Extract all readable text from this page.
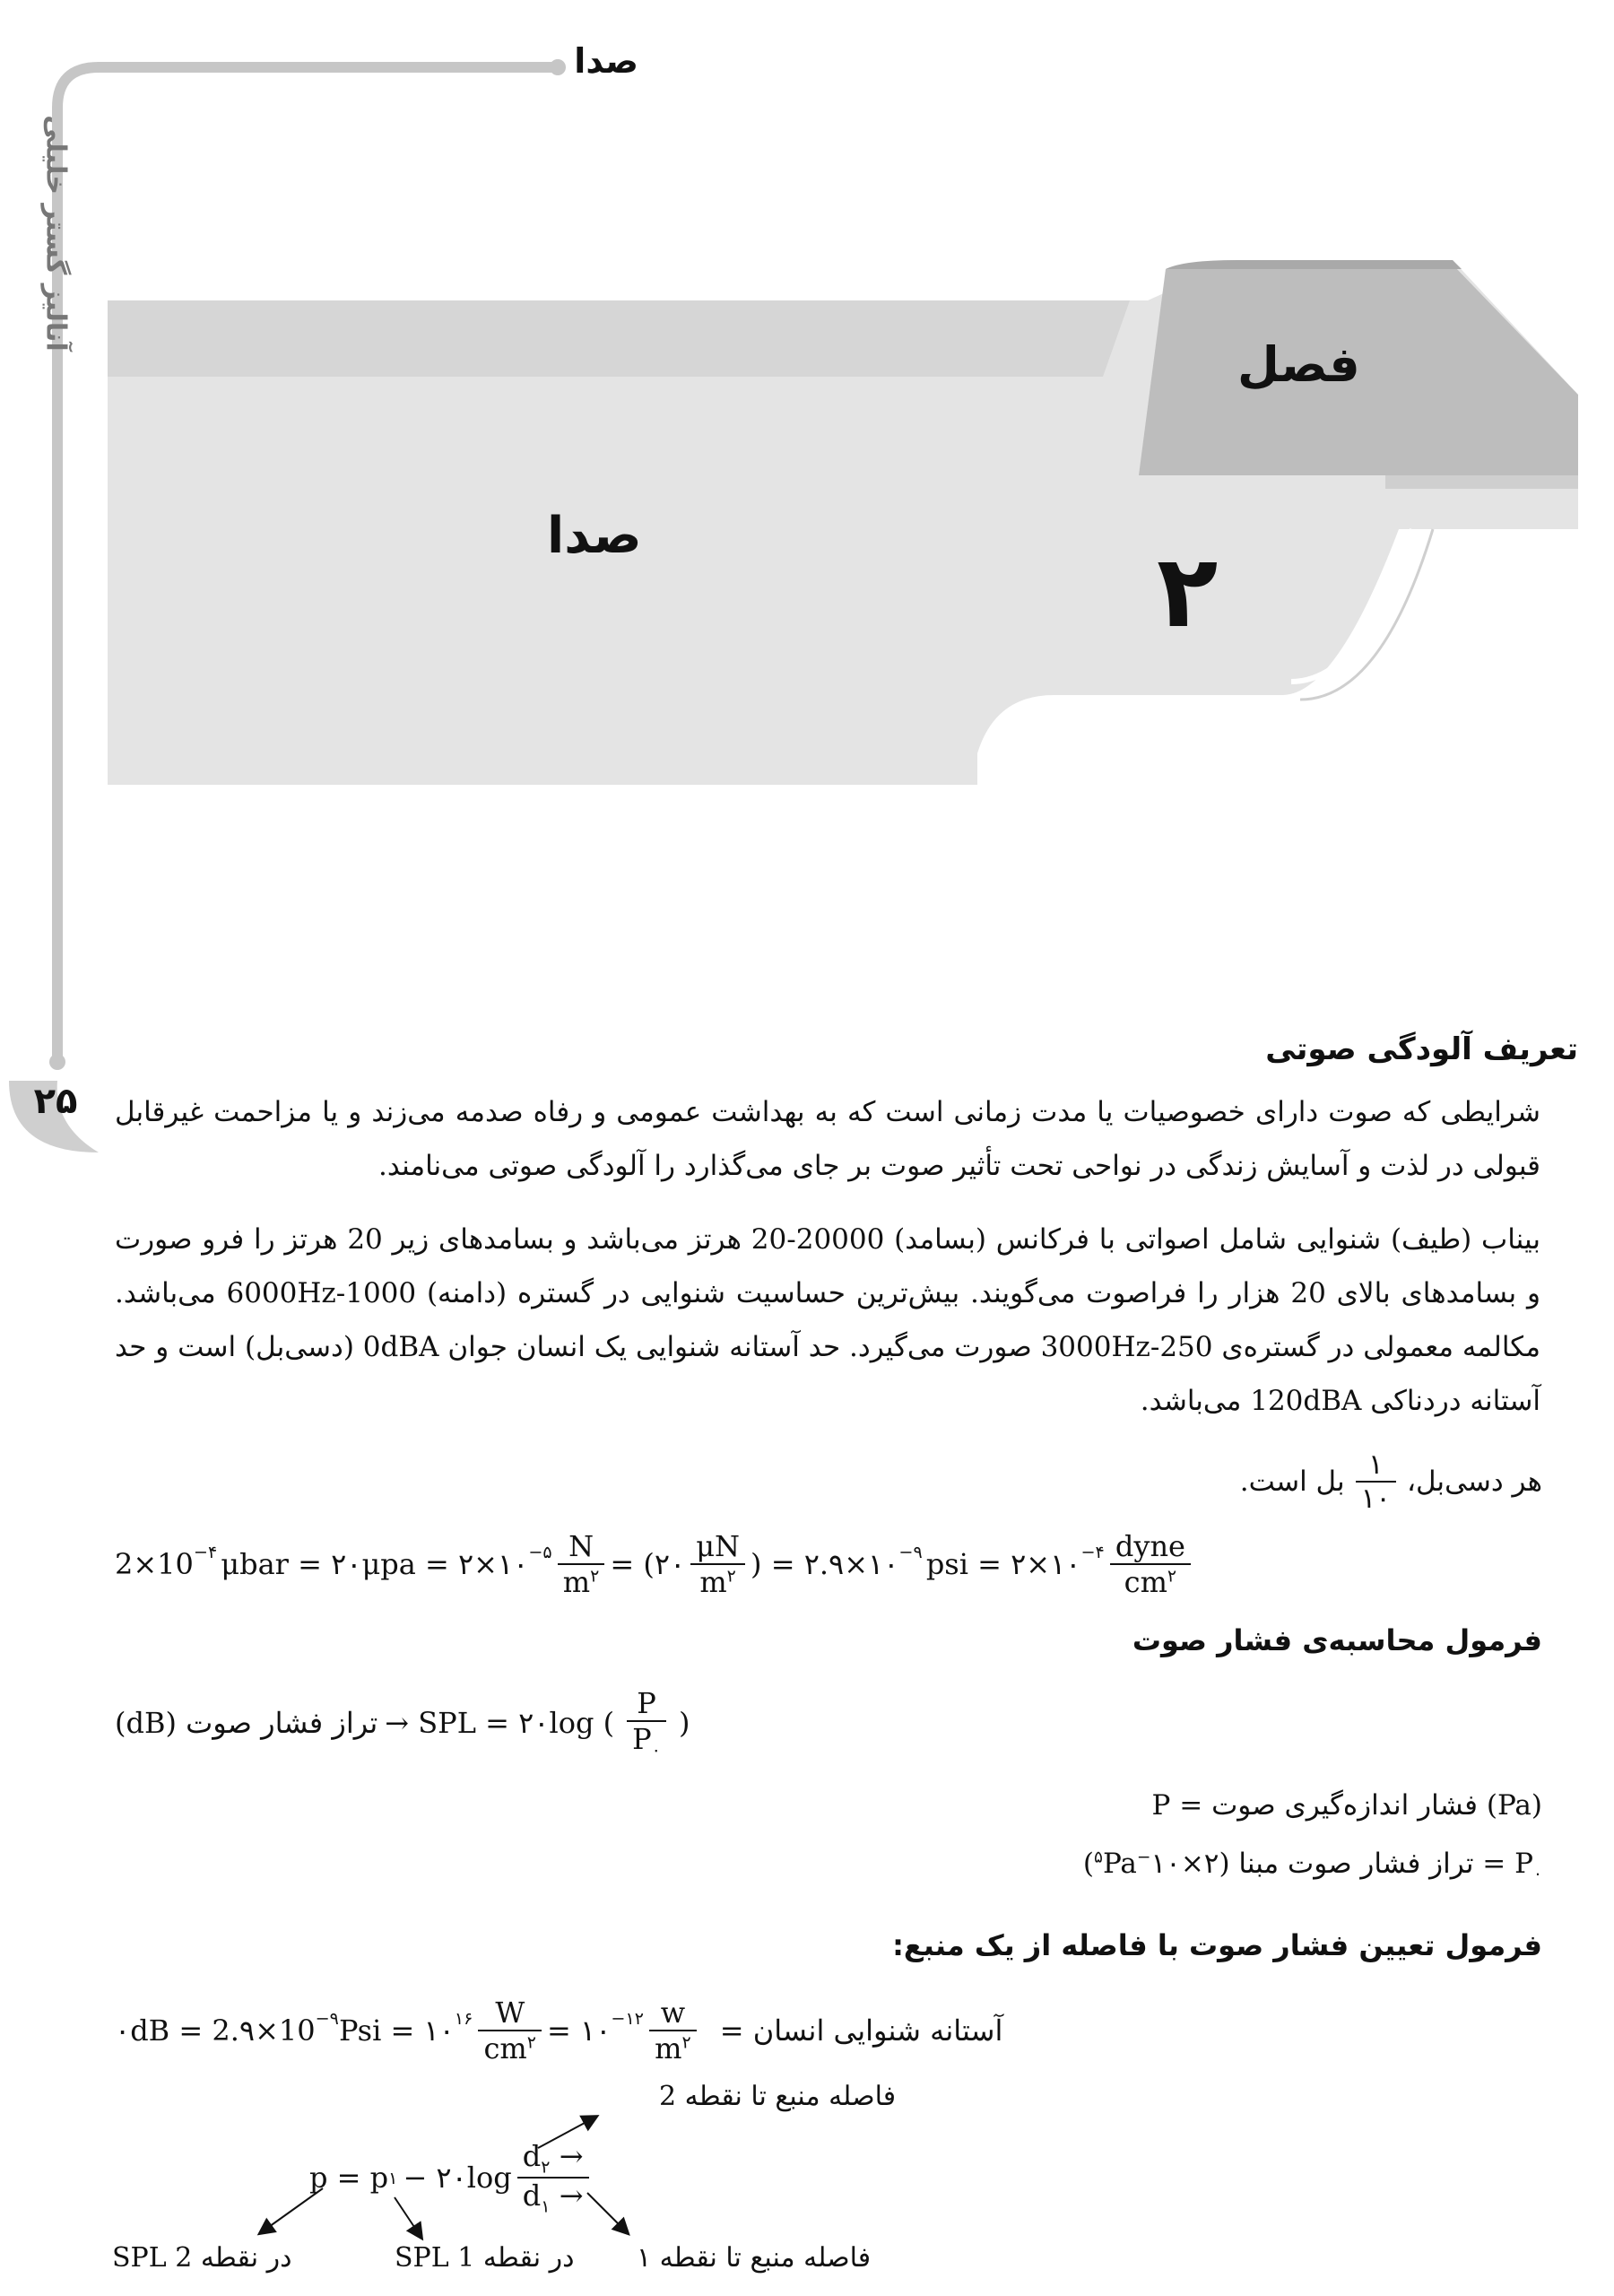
آنالیز گستر خلیلی
صدا
فصل
صدا	۲
۲۵
تعریف آلودگی صوتی
شرایطی که صوت دارای خصوصیات یا مدت زمانی است که به بهداشت عمومی و رفاه صدمه می‌زند و یا مزاحمت غیرقابل قبولی در لذت و آسایش زندگی در نواحی تحت تأثیر صوت بر جای می‌گذارد را آلودگی صوتی می‌نامند.
بیناب (طیف) شنوایی شامل اصواتی با فرکانس (بسامد) 20000-20 هرتز می‌باشد و بسامدهای زیر 20 هرتز را فرو صورت و بسامدهای بالای 20 هزار را فراصوت می‌گویند. بیش‌ترین حساسیت شنوایی در گستره (دامنه) 1000-6000Hz می‌باشد. مکالمه معمولی در گستره‌ی 250-3000Hz صورت می‌گیرد. حد آستانه شنوایی یک انسان جوان 0dBA (دسی‌بل) است و حد آستانه دردناکی 120dBA می‌باشد.
هر دسی‌بل،
$\frac{۱}{۱۰}$
بل است.
$2\times 10^{-۴}$ μbar = ۲۰μpa = $۲\times ۱۰^{-۵} \frac{N}{m^۲}$ = (۲۰ $\frac{\mu N}{m^۲}$ ) = $۲.۹\times ۱۰^{-۹}$ psi = $۲\times ۱۰^{-۴} \frac{\text{dyne}}{cm^۲}$
فرمول محاسبه‌ی فشار صوت
(dB) تراز فشار صوت → SPL = ۲۰log ( $\frac{P}{P_۰}$ )
P = فشار اندازه‌گیری صوت (Pa)
$P_۰$ = تراز فشار صوت مبنا $(۲\times ۱۰^{-۵}Pa)$
فرمول تعیین فشار صوت با فاصله از یک منبع:
۰dB = $2.۹\times 10^{-۹}$ Psi = $۱۰^{۱۶} \frac{W}{cm^۲}$ = $۱۰^{-۱۲} \frac{w}{m^۲}$ آستانه شنوایی انسان =
فاصله منبع تا نقطه 2
p = p ۱ − ۲۰log $\frac{d_۲ \to}{d_۱ \to}$
SPL در نقطه 2	SPL در نقطه 1 فاصله منبع تا نقطه ۱
